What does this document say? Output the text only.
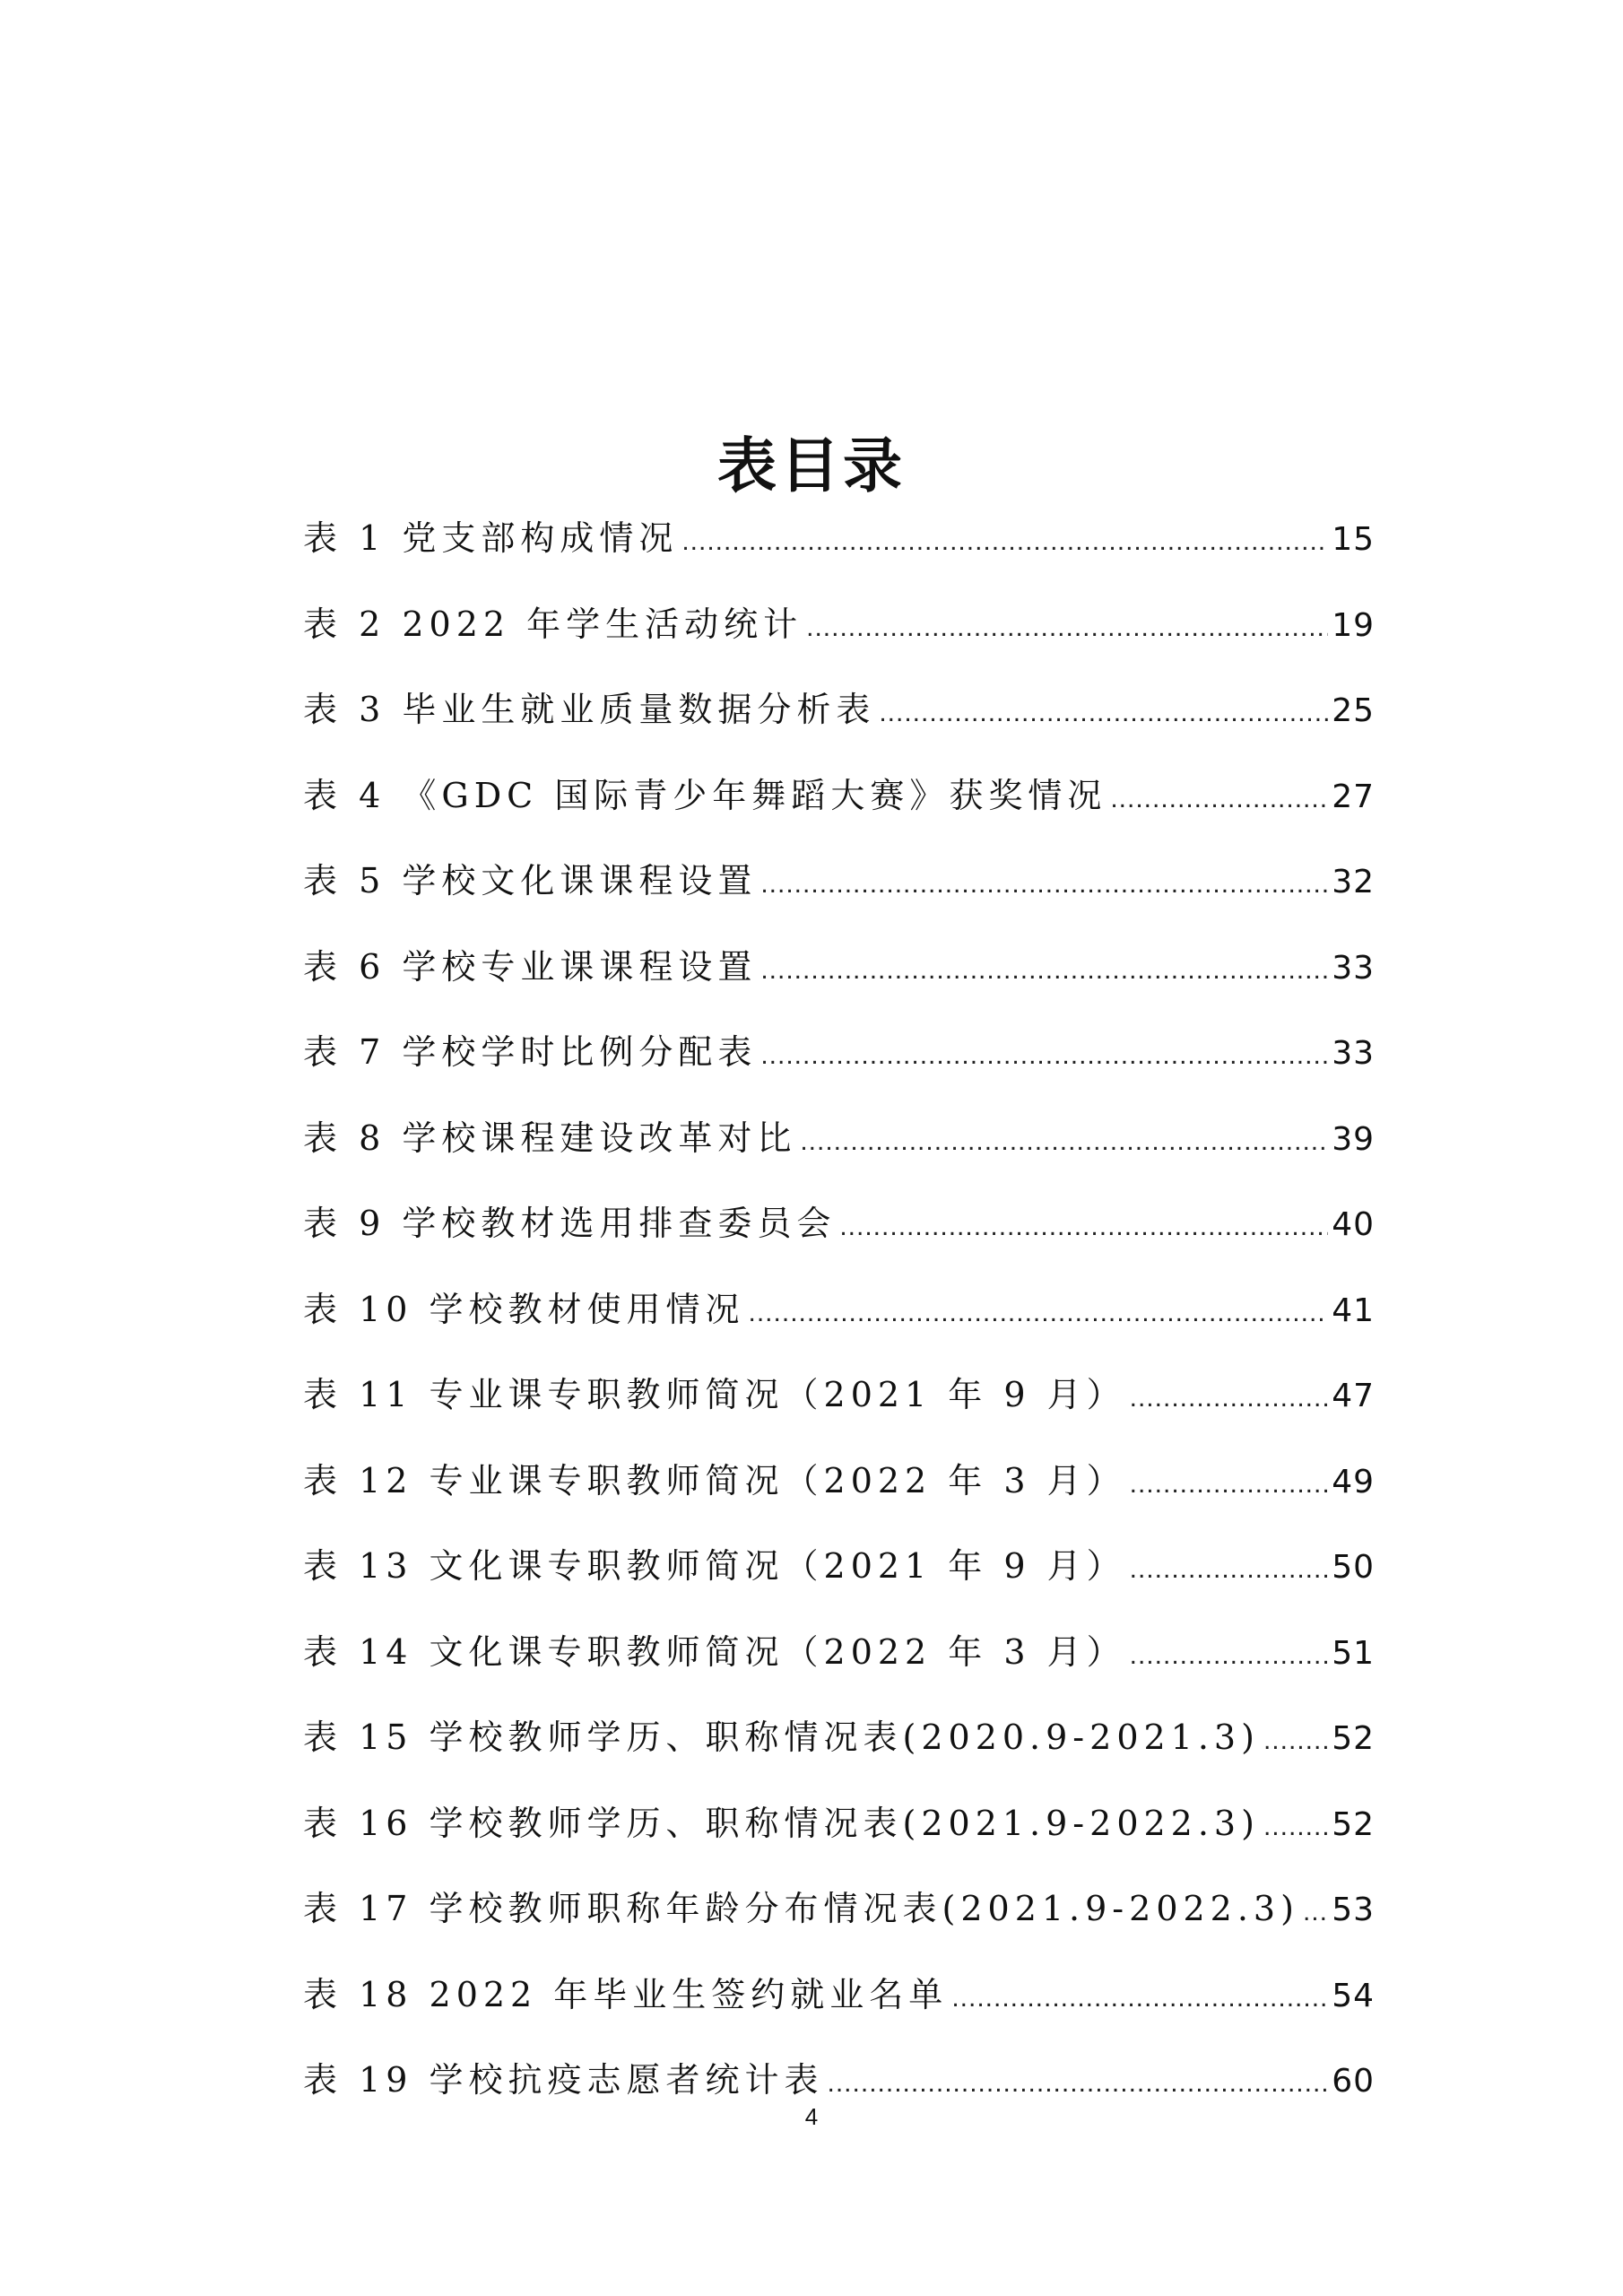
表目录
表 1 党支部构成情况 .....	15
表 2 2022 年学生活动统计 .....	19
表 3 毕业生就业质量数据分析表 .....	25
表 4 《GDC 国际青少年舞蹈大赛》获奖情况 .....	27
表 5 学校文化课课程设置 .....	32
表 6 学校专业课课程设置 .....	33
表 7 学校学时比例分配表 .....	33
表 8 学校课程建设改革对比 .....	39
表 9 学校教材选用排查委员会 .....	40
表 10 学校教材使用情况 .....	41
表 11 专业课专职教师简况（2021 年 9 月） .....	47
表 12 专业课专职教师简况（2022 年 3 月） .....	49
表 13 文化课专职教师简况（2021 年 9 月） .....	50
表 14 文化课专职教师简况（2022 年 3 月） .....	51
表 15 学校教师学历、职称情况表(2020.9-2021.3) ..... 52
表 16 学校教师学历、职称情况表(2021.9-2022.3) ..... 52
表 17 学校教师职称年龄分布情况表(2021.9-2022.3) ..... 53
表 18 2022 年毕业生签约就业名单 .....	54
表 19 学校抗疫志愿者统计表 .....	60
4
